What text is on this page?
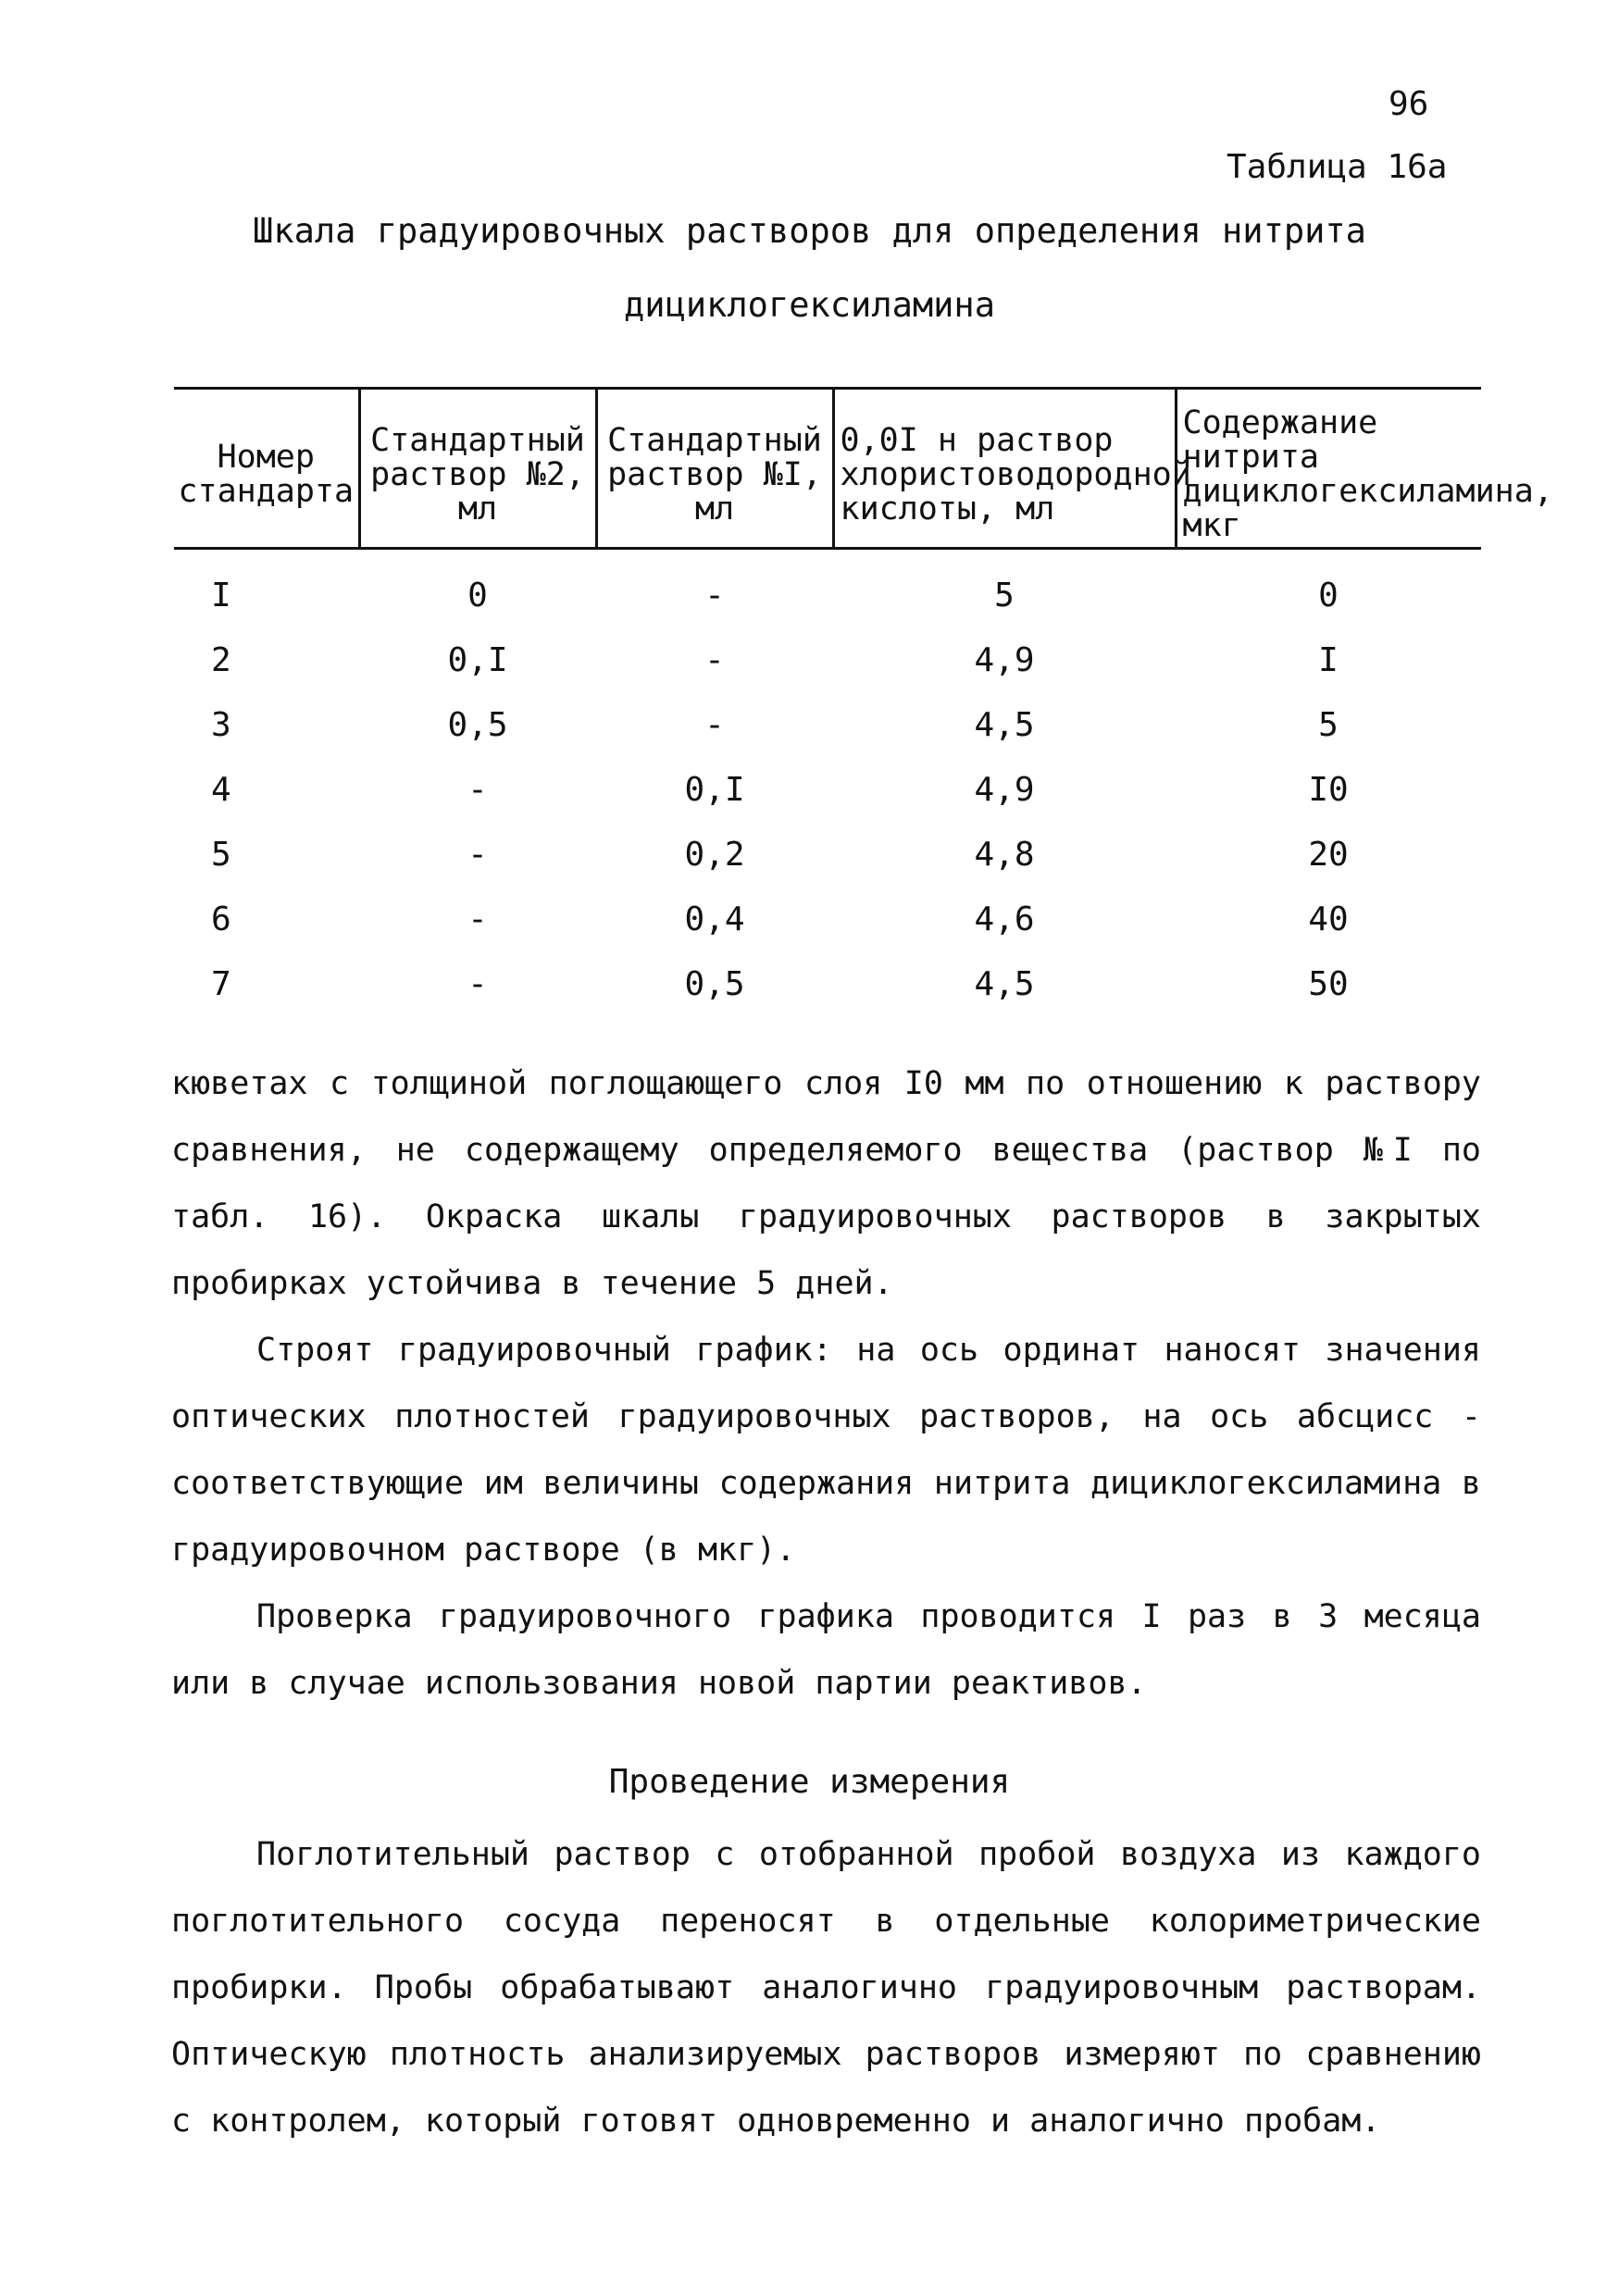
96
Таблица 16а
Шкала градуировочных растворов для определения нитрита
дициклогексиламина
Номер стандарта	Стандартный раствор №2, мл	Стандартный раствор №I, мл	0,0I н раствор хлористоводородной кислоты, мл	Содержание нитрита дициклогексиламина, мкг
I	0	-	5	0
2	0,I	-	4,9	I
3	0,5	-	4,5	5
4	-	0,I	4,9	I0
5	-	0,2	4,8	20
6	-	0,4	4,6	40
7	-	0,5	4,5	50

кюветах с толщиной поглощающего слоя I0 мм по отношению к раствору сравнения, не содержащему определяемого вещества (раствор №I по табл. 16). Окраска шкалы градуировочных растворов в закрытых пробирках устойчива в течение 5 дней.

Строят градуировочный график: на ось ординат наносят значения оптических плотностей градуировочных растворов, на ось абсцисс - соответствующие им величины содержания нитрита дициклогексиламина в градуировочном растворе (в мкг).

Проверка градуировочного графика проводится I раз в 3 месяца или в случае использования новой партии реактивов.

Проведение измерения

Поглотительный раствор с отобранной пробой воздуха из каждого поглотительного сосуда переносят в отдельные колориметрические пробирки. Пробы обрабатывают аналогично градуировочным растворам. Оптическую плотность анализируемых растворов измеряют по сравнению с контролем, который готовят одновременно и аналогично пробам.
